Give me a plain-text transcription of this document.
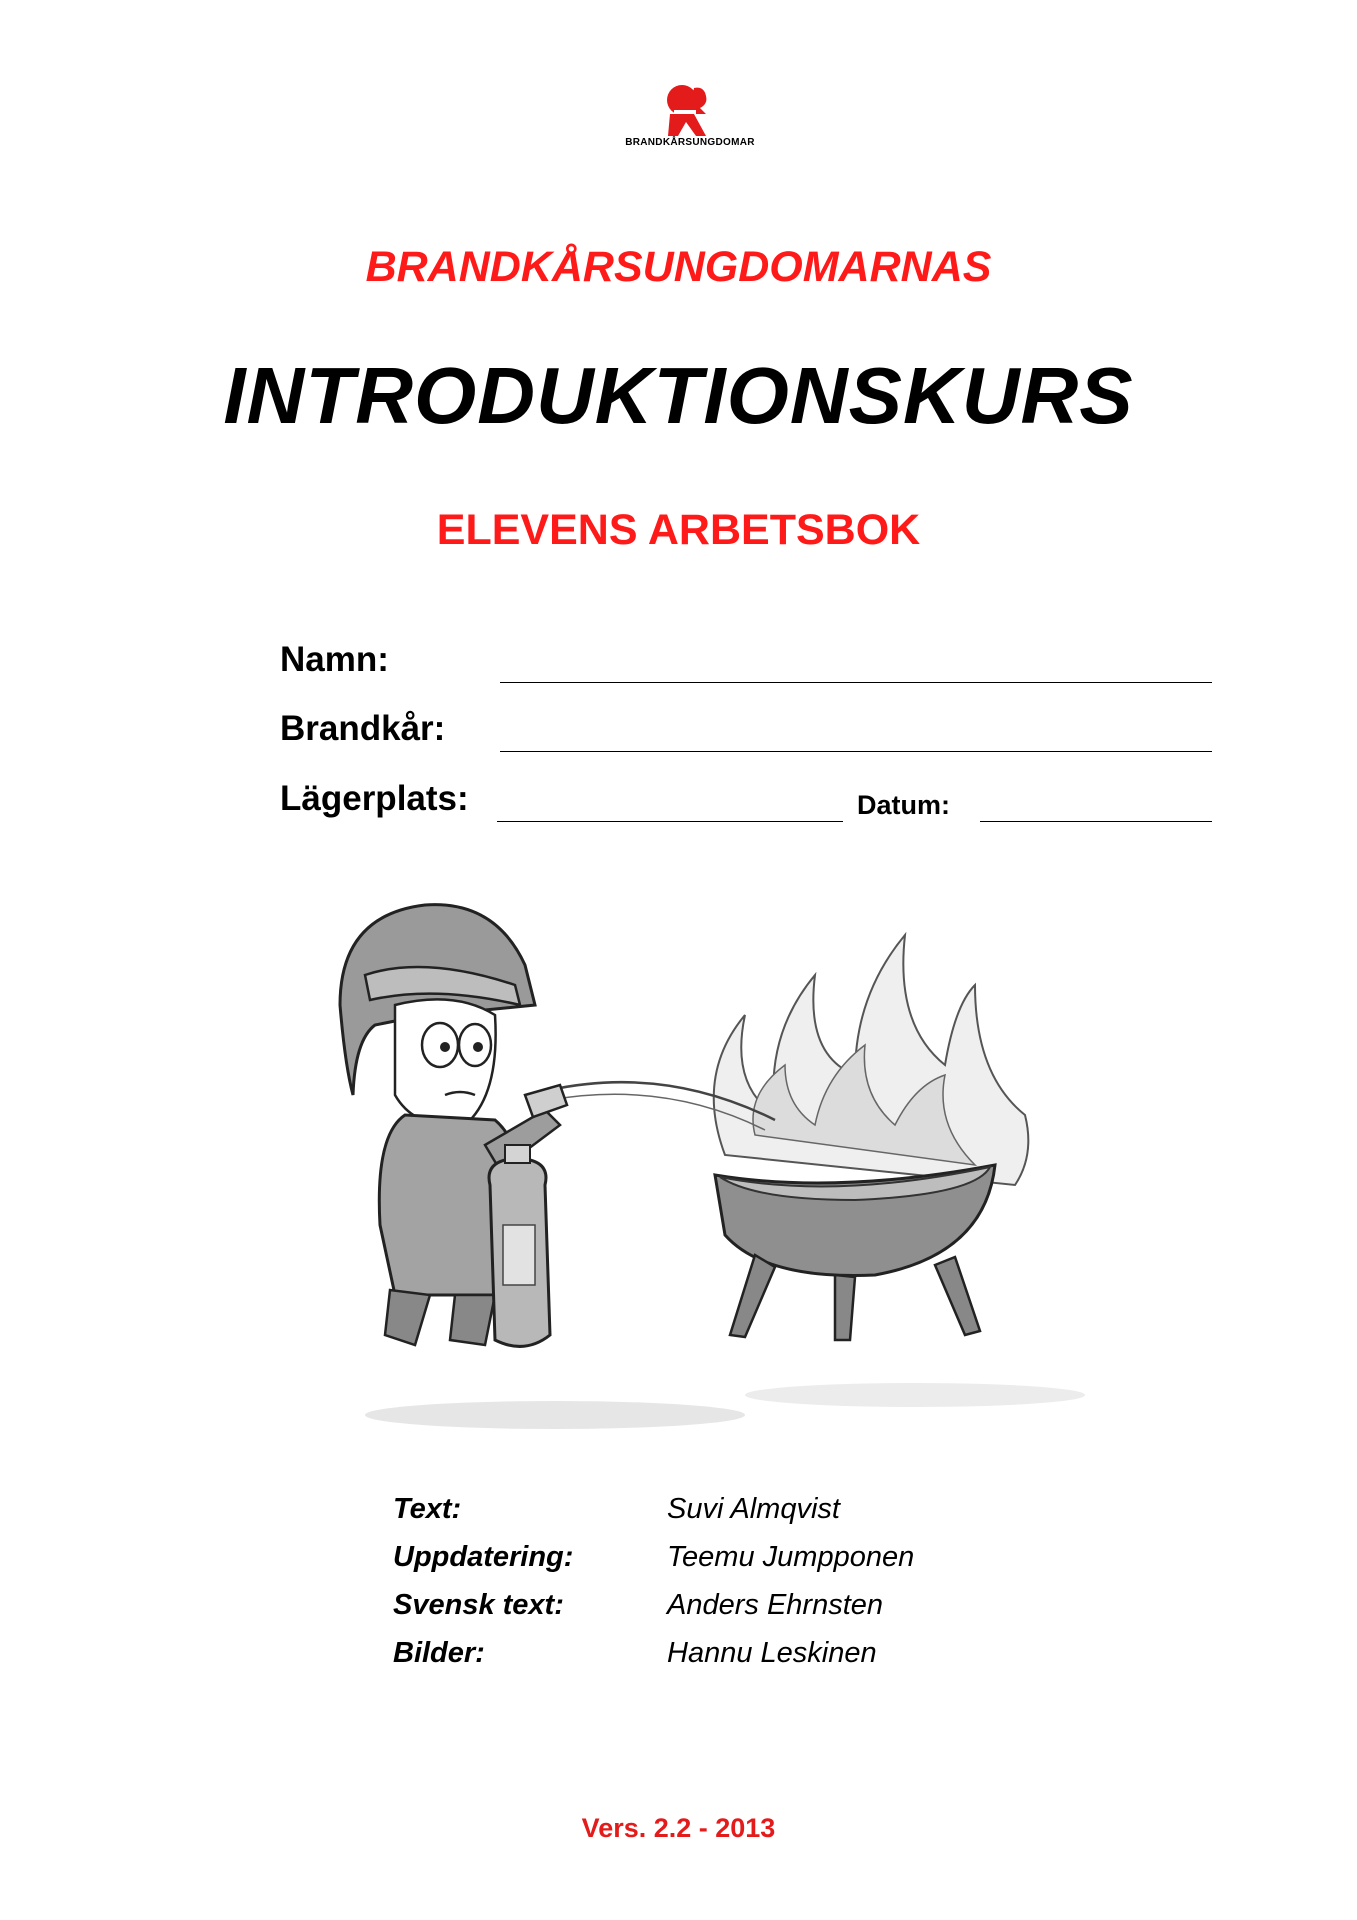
BRANDKÅRSUNGDOMAR
BRANDKÅRSUNGDOMARNAS
INTRODUKTIONSKURS
ELEVENS ARBETSBOK
Namn:
Brandkår:
Lägerplats:	Datum:
Text:	Suvi Almqvist
Uppdatering:	Teemu Jumpponen
Svensk text:	Anders Ehrnsten
Bilder:	Hannu Leskinen
Vers. 2.2 - 2013
